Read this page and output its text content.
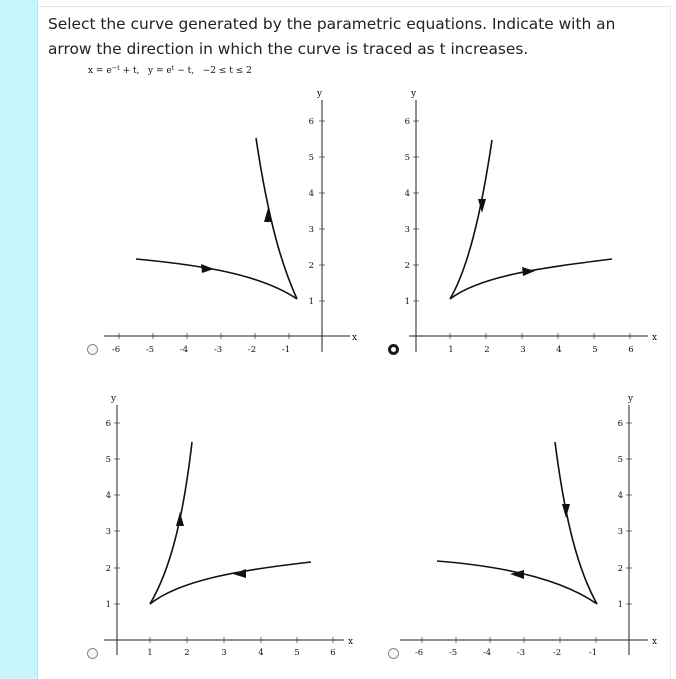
Select the curve generated by the parametric equations. Indicate with an

arrow the direction in which the curve is traced as t increases.

$x = e^{-t} + t$,   $y = e^t - t$,   −2 ≤ t ≤ 2
x
y
-6	-5	-4	-3	-2	-1
1
2
3
4
5
6
x
y
1	2	3	4	5	6
1
2
3
4
5
6
x
y
1	2	3	4	5	6
1
2
3
4
5
6
x
y
-6	-5	-4	-3	-2	-1
1
2
3
4
5
6
